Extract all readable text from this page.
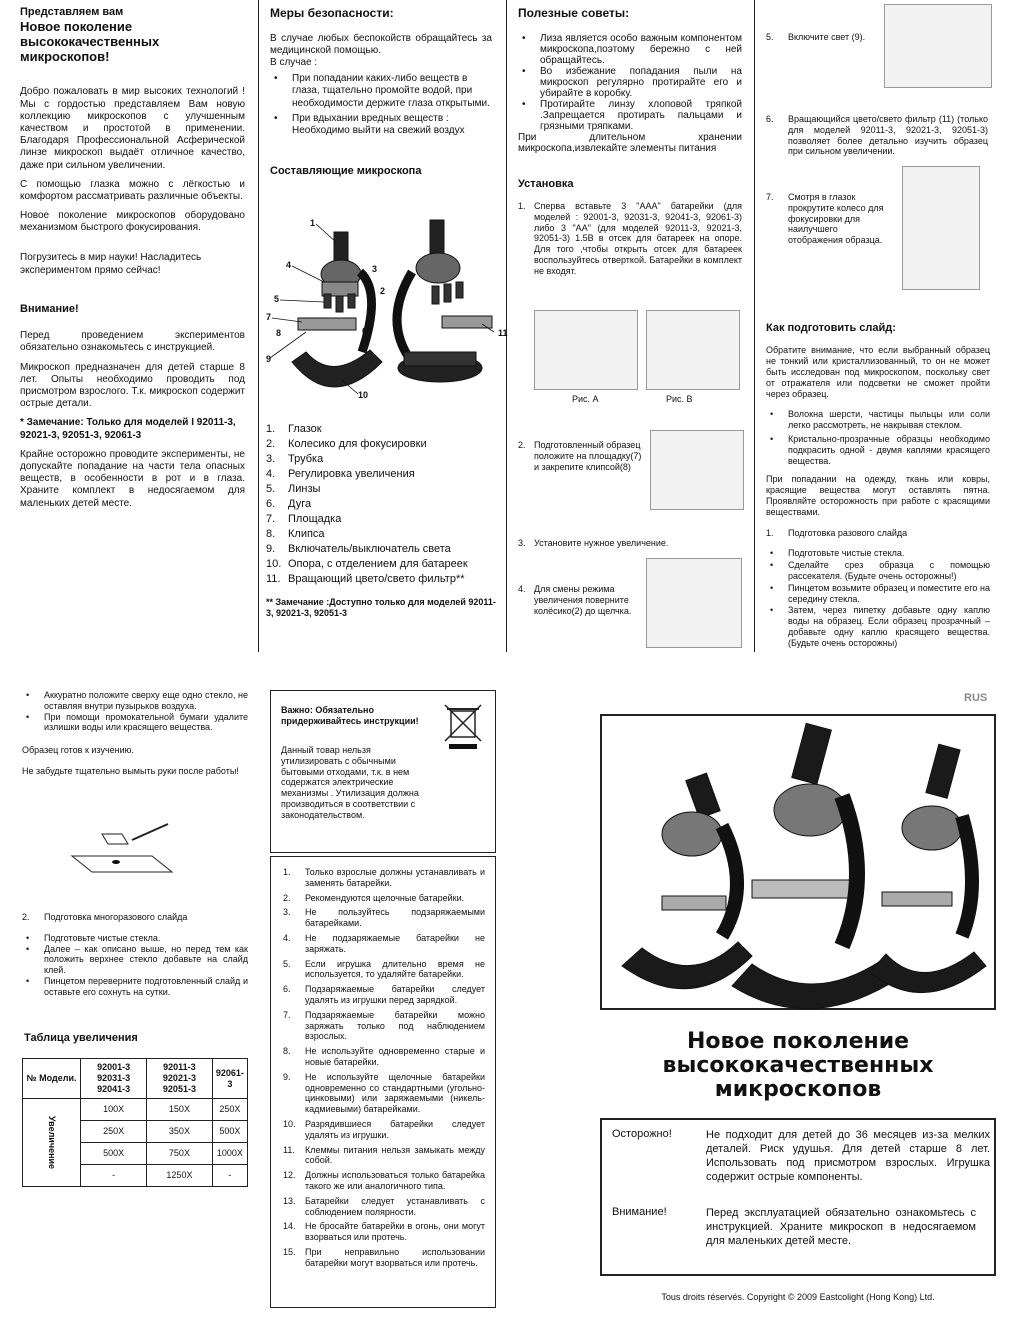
Представляем вам
Новое поколение высококачественных микроскопов!
Добро пожаловать в мир высоких технологий !Мы с гордостью представляем Вам новую коллекцию микроскопов с улучшенным качеством и простотой в применении. Благодаря Профессиональной Асферической линзе микроскоп выдаёт отличное качество, даже при сильном увеличении.
С помощью глазка можно с лёгкостью и комфортом рассматривать различные объекты.
Новое поколение микроскопов оборудовано механизмом быстрого фокусирования.
Погрузитесь в мир науки! Насладитесь экспериментом прямо сейчас!
Внимание!
Перед проведением экспериментов обязательно ознакомьтесь с инструкцией.
Микроскоп предназначен для детей старше 8 лет. Опыты необходимо проводить под присмотром взрослого. Т.к. микроскоп содержит острые детали.
* Замечание: Только для моделей I 92011-3, 92021-3, 92051-3, 92061-3
Крайне осторожно проводите эксперименты, не допускайте попадание на части тела опасных веществ, в особенности в рот и в глаза. Храните комплект в недосягаемом для маленьких детей месте.
Меры безопасности:
В случае любых беспокойств обращайтесь за медицинской помощью.
В случае :
• При попадании каких-либо веществ в глаза, тщательно промойте водой, при необходимости держите глаза открытыми.
• При вдыхании вредных веществ : Необходимо выйти на свежий воздух
Составляющие микроскопа
1
2
3
4
5
6
7
8
9
10
11
1. Глазок
2. Колесико для фокусировки
3. Трубка
4. Регулировка увеличения
5. Линзы
6. Дуга
7. Площадка
8. Клипса
9. Включатель/выключатель света
10. Опора, с отделением для батареек
11. Вращающий цвето/свето фильтр**
** Замечание :Доступно только для моделей 92011-3, 92021-3, 92051-3
Полезные советы:
• Лиза является особо важным компонентом микроскопа,поэтому бережно с ней обращайтесь.
• Во избежание попадания пыли на микроскоп регулярно протирайте его и убирайте в коробку.
• Протирайте линзу хлоповой тряпкой .Запрещается протирать пальцами и грязными тряпками.
При длительном хранении микроскопа,извлекайте элементы питания
Установка
1. Сперва вставьте 3 "ААА" батарейки (для моделей : 92001-3, 92031-3, 92041-3, 92061-3) либо 3 "АА" (для моделей 92011-3, 92021-3, 92051-3) 1.5В в отсек для батареек на опоре. Для того ,чтобы открыть отсек для батареек воспользуйтесь отверткой. Батарейки в комплект не входят.
Рис. А	Рис. В
2. Подготовленный образец положите на площадку(7) и закрепите клипсой(8)
3. Установите нужное увеличение.
4. Для смены режима увеличения поверните колёсико(2) до щелчка.
5. Включите свет (9).
6. Вращающийся цвето/свето фильтр (11) (только для моделей 92011-3, 92021-3, 92051-3) позволяет более детально изучить образец при сильном увеличении.
7. Смотря в глазок прокрутите колесо для фокусировки для наилучшего отображения образца.
Как подготовить слайд:
Обратите внимание, что если выбранный образец не тонкий или кристаллизованный, то он не может быть исследован под микроскопом, поскольку свет от отражателя или подсветки не сможет пройти через образец.
• Волокна шерсти, частицы пыльцы или соли легко рассмотреть, не накрывая стеклом.
• Кристально-прозрачные образцы необходимо подкрасить одной - двумя каплями красящего вещества.
При попадании на одежду, ткань или ковры, красящие вещества могут оставлять пятна. Проявляйте осторожность при работе с красящими веществами.
1. Подготовка разового слайда
• Подготовьте чистые стекла.
• Сделайте срез образца с помощью рассекателя. (Будьте очень осторожны!)
• Пинцетом возьмите образец и поместите его на середину стекла.
• Затем, через пипетку добавьте одну каплю воды на образец. Если образец прозрачный – добавьте одну каплю красящего вещества. (Будьте очень осторожны)
• Аккуратно положите сверху еще одно стекло, не оставляя внутри пузырьков воздуха.
• При помощи промокательной бумаги удалите излишки воды или красящего вещества.
Образец готов к изучению.
Не забудьте тщательно вымыть руки после работы!
2. Подготовка многоразового слайда
• Подготовьте чистые стекла.
• Далее – как описано выше, но перед тем как положить верхнее стекло добавьте на слайд клей.
• Пинцетом переверните подготовленный слайд и оставьте его сохнуть на сутки.
Таблица увеличения
№ Модели.	92001-3 92031-3 92041-3	92011-3 92021-3 92051-3	92061-3

Увеличение	100X	150X	250X
	250X	350X	500X
	500X	750X	1000X
	-	1250X	-
Важно: Обязательно придерживайтесь инструкции!
Данный товар нельзя утилизировать с обычными бытовыми отходами, т.к. в нем содержатся электрические механизмы . Утилизация должна производиться в соответствии с законодательством.
1. Только взрослые должны устанавливать и заменять батарейки.
2. Рекомендуются щелочные батарейки.
3. Не пользуйтесь подзаряжаемыми батарейками.
4. Не подзаряжаемые батарейки не заряжать.
5. Если игрушка длительно время не используется, то удаляйте батарейки.
6. Подзаряжаемые батарейки следует удалять из игрушки перед зарядкой.
7. Подзаряжаемые батарейки можно заряжать только под наблюдением взрослых.
8. Не используйте одновременно старые и новые батарейки.
9. Не используйте щелочные батарейки одновременно со стандартными (угольно-цинковыми) или заряжаемыми (никель-кадмиевыми) батарейками.
10. Разрядившиеся батарейки следует удалять из игрушки.
11. Клеммы питания нельзя замыкать между собой.
12. Должны использоваться только батарейка такого же или аналогичного типа.
13. Батарейки следует устанавливать с соблюдением полярности.
14. Не бросайте батарейки в огонь, они могут взорваться или протечь.
15. При неправильно использовании батарейки могут взорваться или протечь.
RUS
Новое поколение высококачественных микроскопов
Осторожно!	Не подходит для детей до 36 месяцев из-за мелких деталей. Риск удушья. Для детей старше 8 лет. Использовать под присмотром взрослых. Игрушка содержит острые компоненты.
Внимание!	Перед эксплуатацией обязательно ознакомьтесь с инструкцией. Храните микроскоп в недосягаемом для маленьких детей месте.
Tous droits réservés. Copyright © 2009 Eastcolight (Hong Kong) Ltd.
